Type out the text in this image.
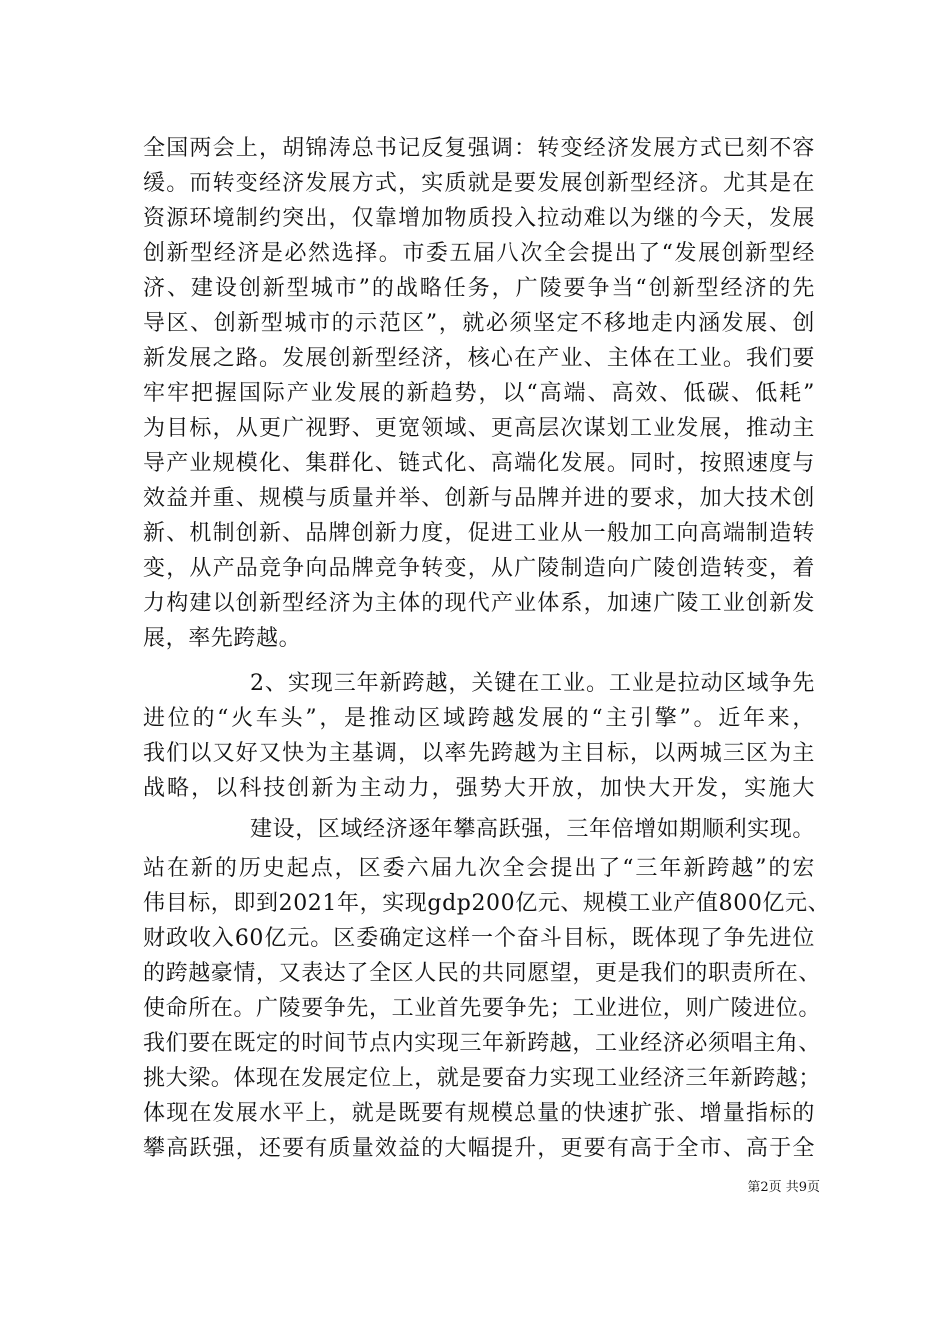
全国两会上，胡锦涛总书记反复强调：转变经济发展方式已刻不容
缓。而转变经济发展方式，实质就是要发展创新型经济。尤其是在
资源环境制约突出，仅靠增加物质投入拉动难以为继的今天，发展
创新型经济是必然选择。市委五届八次全会提出了“发展创新型经
济、建设创新型城市”的战略任务，广陵要争当“创新型经济的先
导区、创新型城市的示范区”，就必须坚定不移地走内涵发展、创
新发展之路。发展创新型经济，核心在产业、主体在工业。我们要
牢牢把握国际产业发展的新趋势，以“高端、高效、低碳、低耗”
为目标，从更广视野、更宽领域、更高层次谋划工业发展，推动主
导产业规模化、集群化、链式化、高端化发展。同时，按照速度与
效益并重、规模与质量并举、创新与品牌并进的要求，加大技术创
新、机制创新、品牌创新力度，促进工业从一般加工向高端制造转
变，从产品竞争向品牌竞争转变，从广陵制造向广陵创造转变，着
力构建以创新型经济为主体的现代产业体系，加速广陵工业创新发
展，率先跨越。
2、实现三年新跨越，关键在工业。工业是拉动区域争先
进位的“火车头”，是推动区域跨越发展的“主引擎”。近年来，
我们以又好又快为主基调，以率先跨越为主目标，以两城三区为主
战略，以科技创新为主动力，强势大开放，加快大开发，实施大
建设，区域经济逐年攀高跃强，三年倍增如期顺利实现。
站在新的历史起点，区委六届九次全会提出了“三年新跨越”的宏
伟目标，即到2021年，实现gdp200亿元、规模工业产值800亿元、
财政收入60亿元。区委确定这样一个奋斗目标，既体现了争先进位
的跨越豪情，又表达了全区人民的共同愿望，更是我们的职责所在、
使命所在。广陵要争先，工业首先要争先；工业进位，则广陵进位。
我们要在既定的时间节点内实现三年新跨越，工业经济必须唱主角、
挑大梁。体现在发展定位上，就是要奋力实现工业经济三年新跨越；
体现在发展水平上，就是既要有规模总量的快速扩张、增量指标的
攀高跃强，还要有质量效益的大幅提升，更要有高于全市、高于全
第2页 共9页
